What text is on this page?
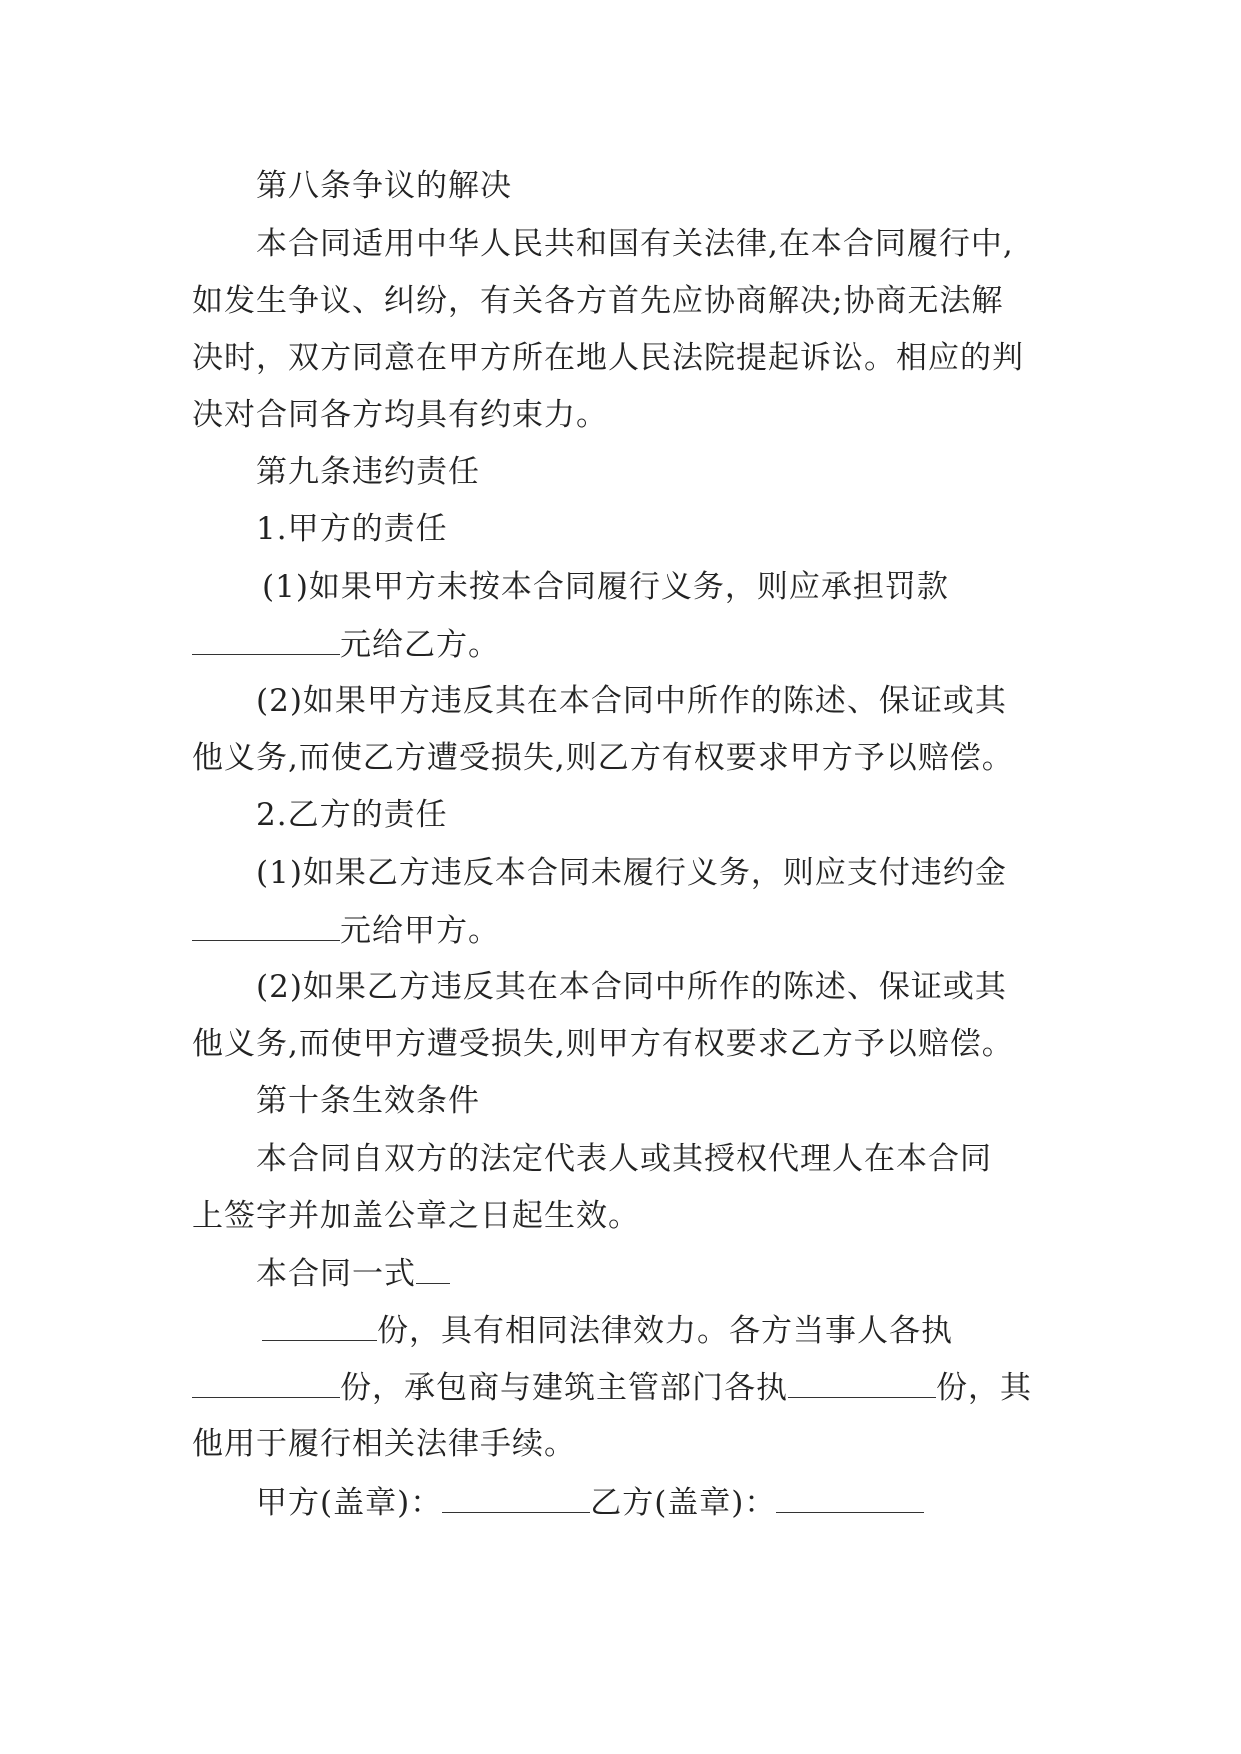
第八条争议的解决
本合同适用中华人民共和国有关法律,在本合同履行中,
如发生争议、纠纷，有关各方首先应协商解决;协商无法解
决时，双方同意在甲方所在地人民法院提起诉讼。相应的判
决对合同各方均具有约束力。
第九条违约责任
1.甲方的责任
(1)如果甲方未按本合同履行义务，则应承担罚款
元给乙方。
(2)如果甲方违反其在本合同中所作的陈述、保证或其
他义务,而使乙方遭受损失,则乙方有权要求甲方予以赔偿。
2.乙方的责任
(1)如果乙方违反本合同未履行义务，则应支付违约金
元给甲方。
(2)如果乙方违反其在本合同中所作的陈述、保证或其
他义务,而使甲方遭受损失,则甲方有权要求乙方予以赔偿。
第十条生效条件
本合同自双方的法定代表人或其授权代理人在本合同
上签字并加盖公章之日起生效。
本合同一式
份，具有相同法律效力。各方当事人各执
份，承包商与建筑主管部门各执	份，其
他用于履行相关法律手续。
甲方(盖章)：	乙方(盖章)：
